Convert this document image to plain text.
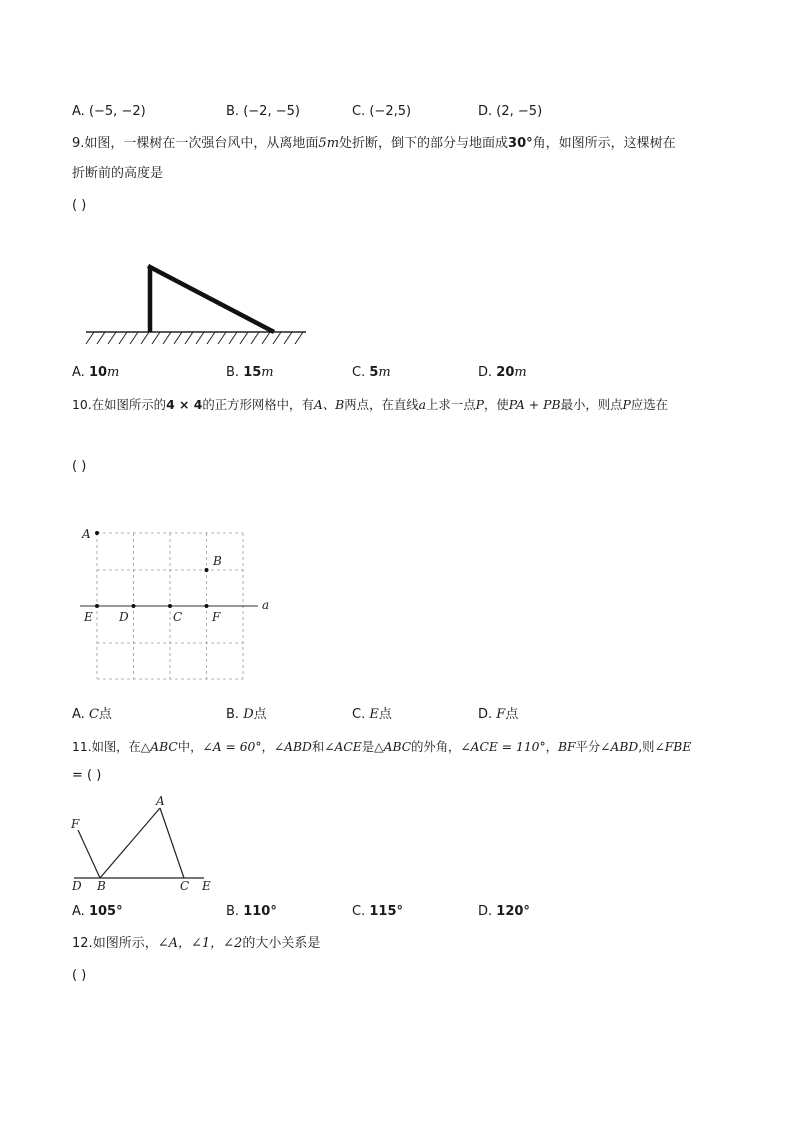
A. (−5, −2)	B. (−2, −5)	C. (−2,5)	D. (2, −5)
9.如图，一棵树在一次强台风中，从离地面5m处折断，倒下的部分与地面成30°角，如图所示，这棵树在
折断前的高度是
( )
A. 10m	B. 15m	C. 5m	D. 20m
10.在如图所示的4 × 4的正方形网格中，有A、B两点，在直线a上求一点P，使PA + PB最小，则点P应选在
( )
A
B
E D	C F
a
A. C点	B. D点	C. E点	D. F点
11.如图，在△ABC中，∠A = 60°，∠ABD和∠ACE是△ABC的外角，∠ACE = 110°，BF平分∠ABD,则∠FBE
= ( )
F
A
D B	C E
A. 105°	B. 110°	C. 115°	D. 120°
12.如图所示，∠A，∠1，∠2的大小关系是
( )
